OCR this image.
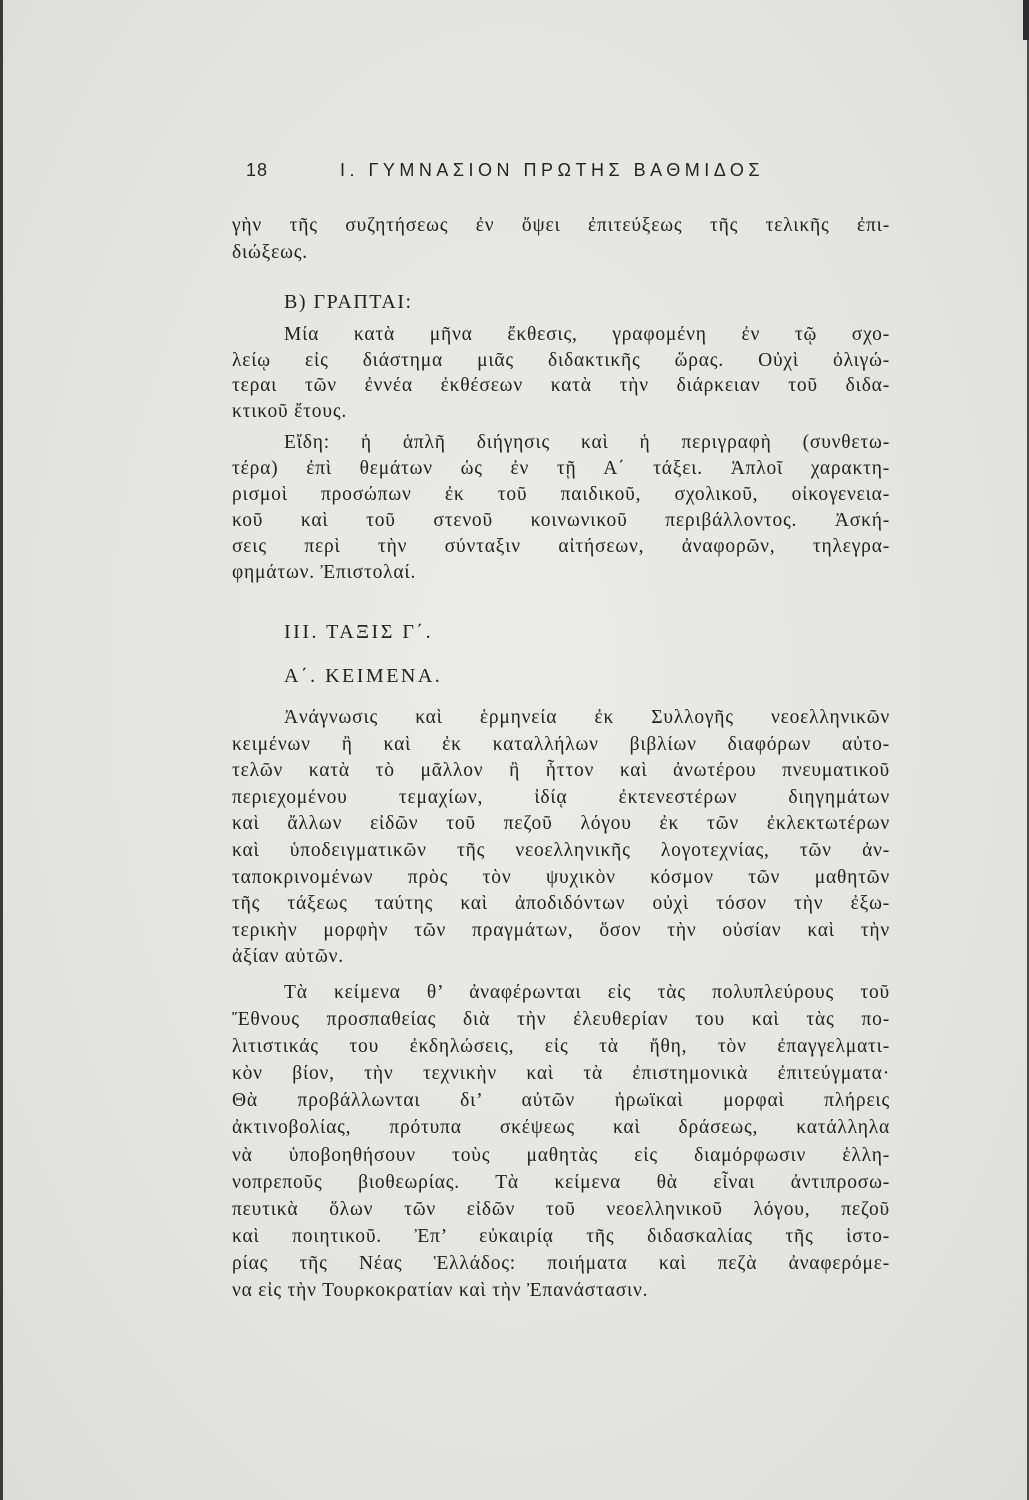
18	Ι. ΓΥΜΝΑΣΙΟΝ ΠΡΩΤΗΣ ΒΑΘΜΙΔΟΣ
γὴν τῆς συζητήσεως ἐν ὄψει ἐπιτεύξεως τῆς τελικῆς ἐπι-
διώξεως.
Β) ΓΡΑΠΤΑΙ:
Μία κατὰ μῆνα ἔκθεσις, γραφομένη ἐν τῷ σχο-
λείῳ εἰς διάστημα μιᾶς διδακτικῆς ὥρας. Οὐχὶ ὀλιγώ-
τεραι τῶν ἐννέα ἐκθέσεων κατὰ τὴν διάρκειαν τοῦ διδα-
κτικοῦ ἔτους.
Εἴδη: ἡ ἁπλῆ διήγησις καὶ ἡ περιγραφὴ (συνθετω-
τέρα) ἐπὶ θεμάτων ὡς ἐν τῇ Α΄ τάξει. Ἁπλοῖ χαρακτη-
ρισμοὶ προσώπων ἐκ τοῦ παιδικοῦ, σχολικοῦ, οἰκογενεια-
κοῦ καὶ τοῦ στενοῦ κοινωνικοῦ περιβάλλοντος. Ἀσκή-
σεις περὶ τὴν σύνταξιν αἰτήσεων, ἀναφορῶν, τηλεγρα-
φημάτων. Ἐπιστολαί.
ΙΙΙ. ΤΑΞΙΣ Γ΄.
Α΄. ΚΕΙΜΕΝΑ.
Ἀνάγνωσις καὶ ἑρμηνεία ἐκ Συλλογῆς νεοελληνικῶν
κειμένων ἢ καὶ ἐκ καταλλήλων βιβλίων διαφόρων αὐτο-
τελῶν κατὰ τὸ μᾶλλον ἢ ἧττον καὶ ἀνωτέρου πνευματικοῦ
περιεχομένου τεμαχίων, ἰδίᾳ ἐκτενεστέρων διηγημάτων
καὶ ἄλλων εἰδῶν τοῦ πεζοῦ λόγου ἐκ τῶν ἐκλεκτωτέρων
καὶ ὑποδειγματικῶν τῆς νεοελληνικῆς λογοτεχνίας, τῶν ἀν-
ταποκρινομένων πρὸς τὸν ψυχικὸν κόσμον τῶν μαθητῶν
τῆς τάξεως ταύτης καὶ ἀποδιδόντων οὐχὶ τόσον τὴν ἐξω-
τερικὴν μορφὴν τῶν πραγμάτων, ὅσον τὴν οὐσίαν καὶ τὴν
ἀξίαν αὐτῶν.
Τὰ κείμενα θ’ ἀναφέρωνται εἰς τὰς πολυπλεύρους τοῦ
Ἔθνους προσπαθείας διὰ τὴν ἐλευθερίαν του καὶ τὰς πο-
λιτιστικάς του ἐκδηλώσεις, εἰς τὰ ἤθη, τὸν ἐπαγγελματι-
κὸν βίον, τὴν τεχνικὴν καὶ τὰ ἐπιστημονικὰ ἐπιτεύγματα·
Θὰ προβάλλωνται δι’ αὐτῶν ἡρωϊκαὶ μορφαὶ πλήρεις
ἀκτινοβολίας, πρότυπα σκέψεως καὶ δράσεως, κατάλληλα
νὰ ὑποβοηθήσουν τοὺς μαθητὰς εἰς διαμόρφωσιν ἑλλη-
νοπρεποῦς βιοθεωρίας. Τὰ κείμενα θὰ εἶναι ἀντιπροσω-
πευτικὰ ὅλων τῶν εἰδῶν τοῦ νεοελληνικοῦ λόγου, πεζοῦ
καὶ ποιητικοῦ. Ἐπ’ εὐκαιρίᾳ τῆς διδασκαλίας τῆς ἱστο-
ρίας τῆς Νέας Ἑλλάδος: ποιήματα καὶ πεζὰ ἀναφερόμε-
να εἰς τὴν Τουρκοκρατίαν καὶ τὴν Ἐπανάστασιν.
